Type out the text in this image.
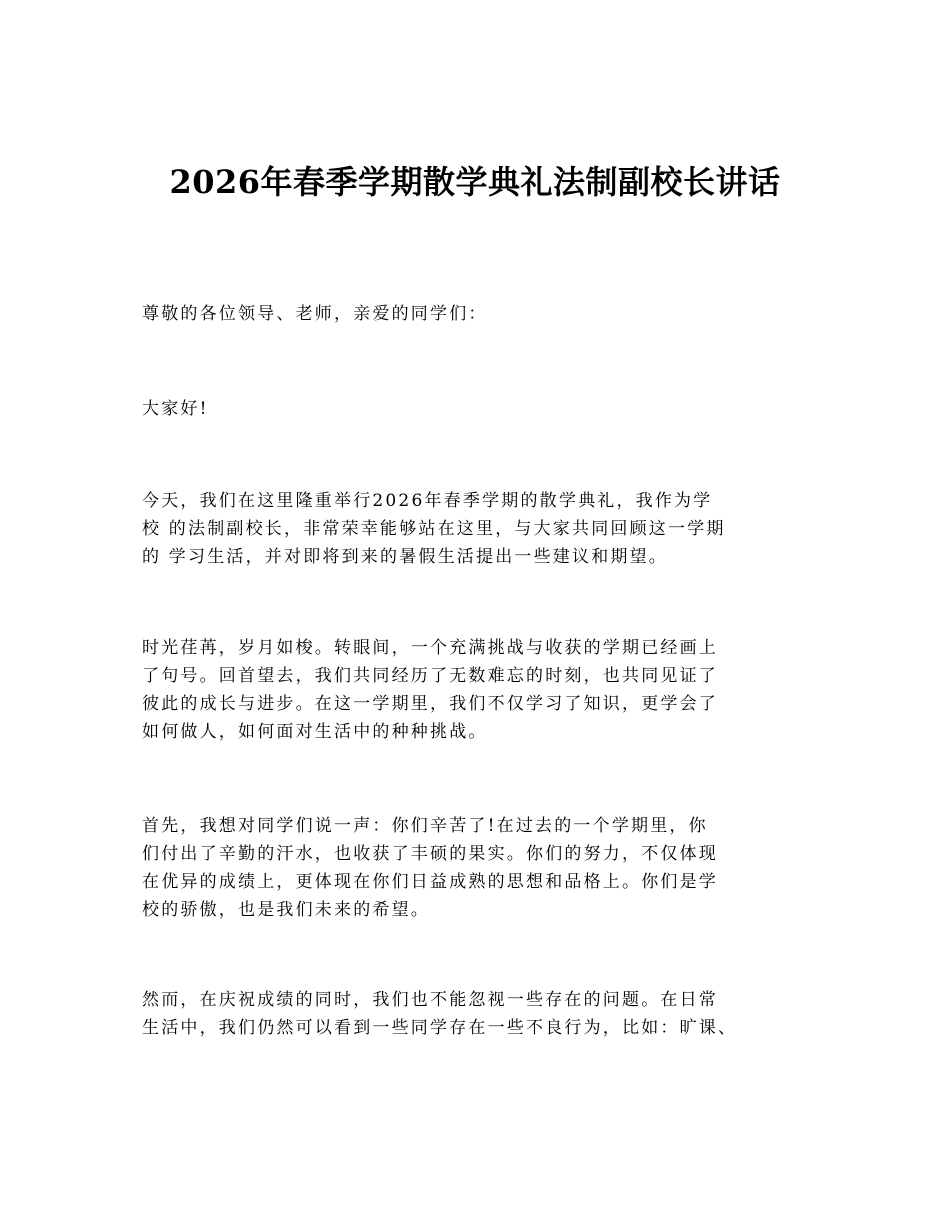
2026年春季学期散学典礼法制副校长讲话

尊敬的各位领导、老师，亲爱的同学们：

大家好!

今天，我们在这里隆重举行2026年春季学期的散学典礼，我作为学
校 的法制副校长，非常荣幸能够站在这里，与大家共同回顾这一学期
的 学习生活，并对即将到来的暑假生活提出一些建议和期望。
时光荏苒，岁月如梭。转眼间，一个充满挑战与收获的学期已经画上
了句号。回首望去，我们共同经历了无数难忘的时刻，也共同见证了
彼此的成长与进步。在这一学期里，我们不仅学习了知识，更学会了
如何做人，如何面对生活中的种种挑战。
首先，我想对同学们说一声：你们辛苦了!在过去的一个学期里，你
们付出了辛勤的汗水，也收获了丰硕的果实。你们的努力，不仅体现
在优异的成绩上，更体现在你们日益成熟的思想和品格上。你们是学
校的骄傲，也是我们未来的希望。
然而，在庆祝成绩的同时，我们也不能忽视一些存在的问题。在日常
生活中，我们仍然可以看到一些同学存在一些不良行为，比如：旷课、
